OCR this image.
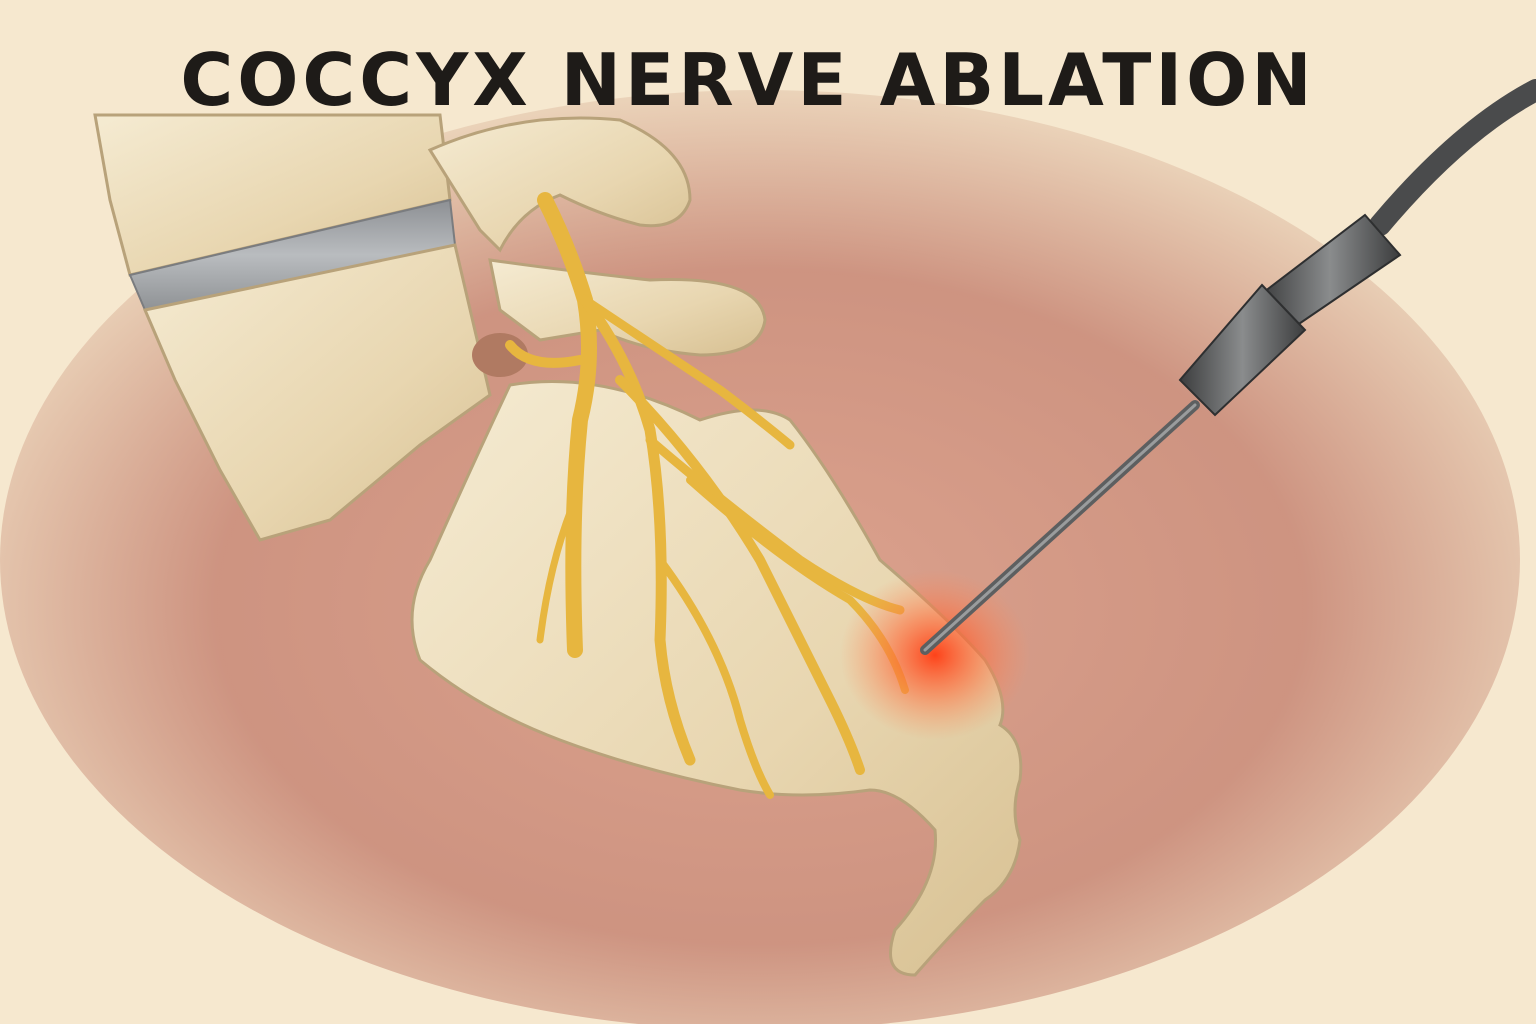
COCCYX NERVE ABLATION
